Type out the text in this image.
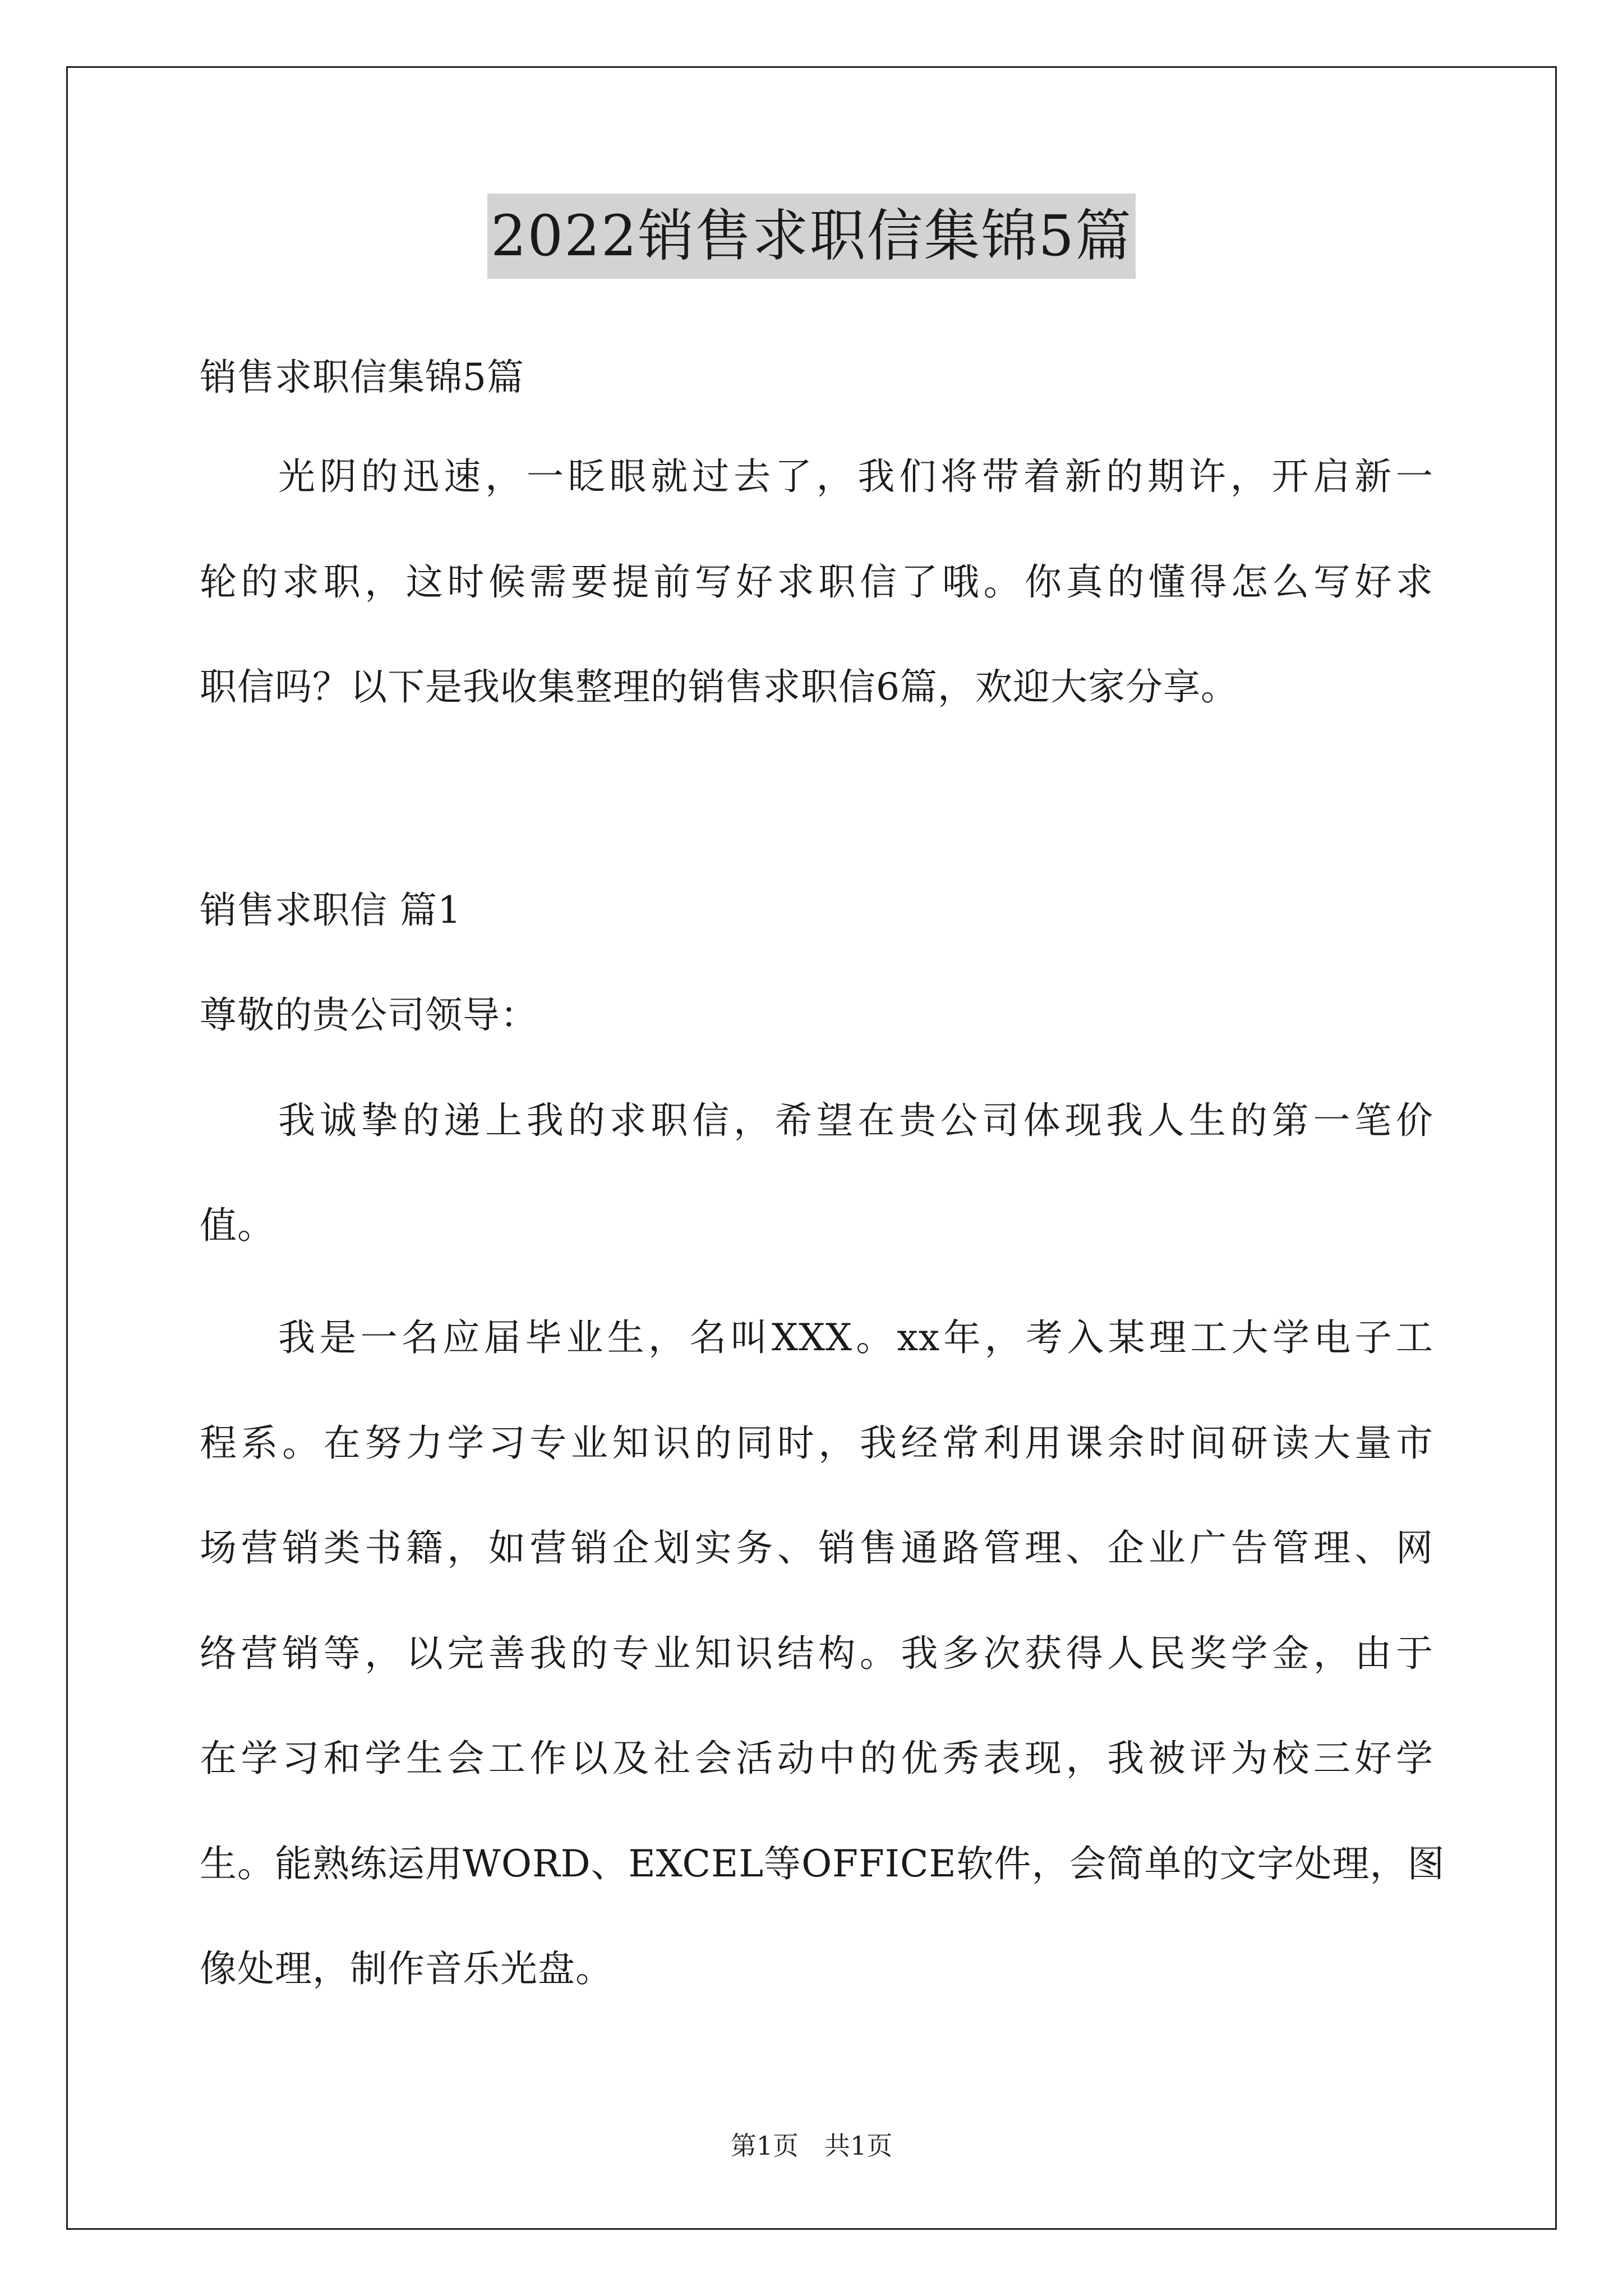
2022销售求职信集锦5篇
销售求职信集锦5篇
光阴的迅速，一眨眼就过去了，我们将带着新的期许，开启新一
轮的求职，这时候需要提前写好求职信了哦。你真的懂得怎么写好求
职信吗？以下是我收集整理的销售求职信6篇，欢迎大家分享。
销售求职信 篇1
尊敬的贵公司领导：
我诚挚的递上我的求职信，希望在贵公司体现我人生的第一笔价
值。
我是一名应届毕业生，名叫XXX。xx年，考入某理工大学电子工
程系。在努力学习专业知识的同时，我经常利用课余时间研读大量市
场营销类书籍，如营销企划实务、销售通路管理、企业广告管理、网
络营销等，以完善我的专业知识结构。我多次获得人民奖学金，由于
在学习和学生会工作以及社会活动中的优秀表现，我被评为校三好学
生。能熟练运用WORD、EXCEL等OFFICE软件，会简单的文字处理，图
像处理，制作音乐光盘。
第1页 共1页
